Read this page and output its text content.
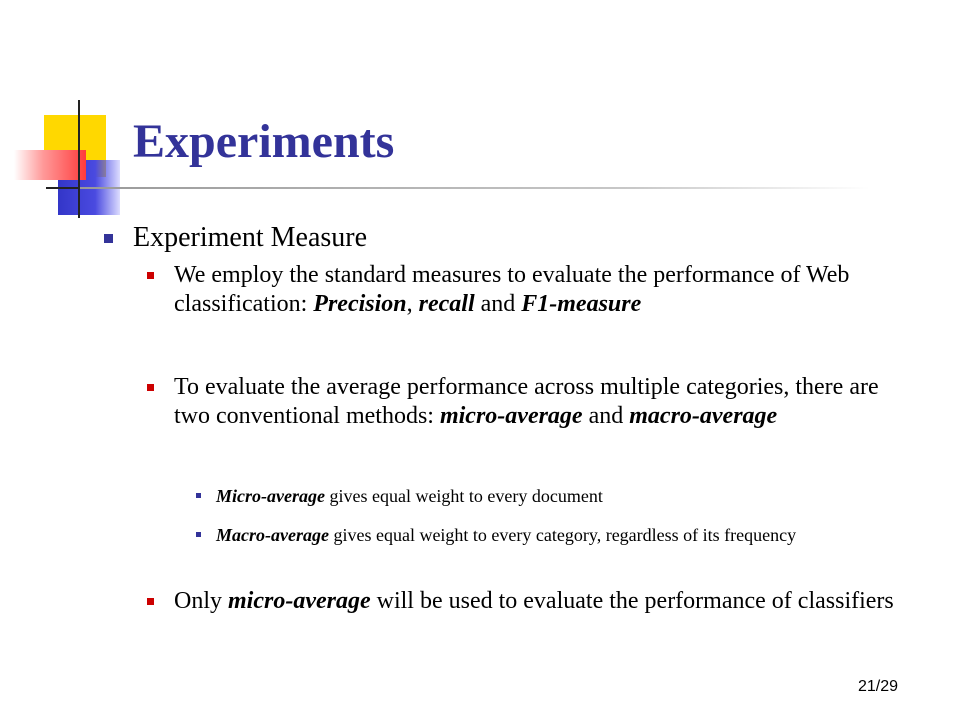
Experiments
Experiment Measure
We employ the standard measures to evaluate the performance of Web classification: Precision, recall and F1-measure
To evaluate the average performance across multiple categories, there are two conventional methods: micro-average and macro-average
Micro-average gives equal weight to every document
Macro-average gives equal weight to every category, regardless of its frequency
Only micro-average will be used to evaluate the performance of classifiers
21/29
